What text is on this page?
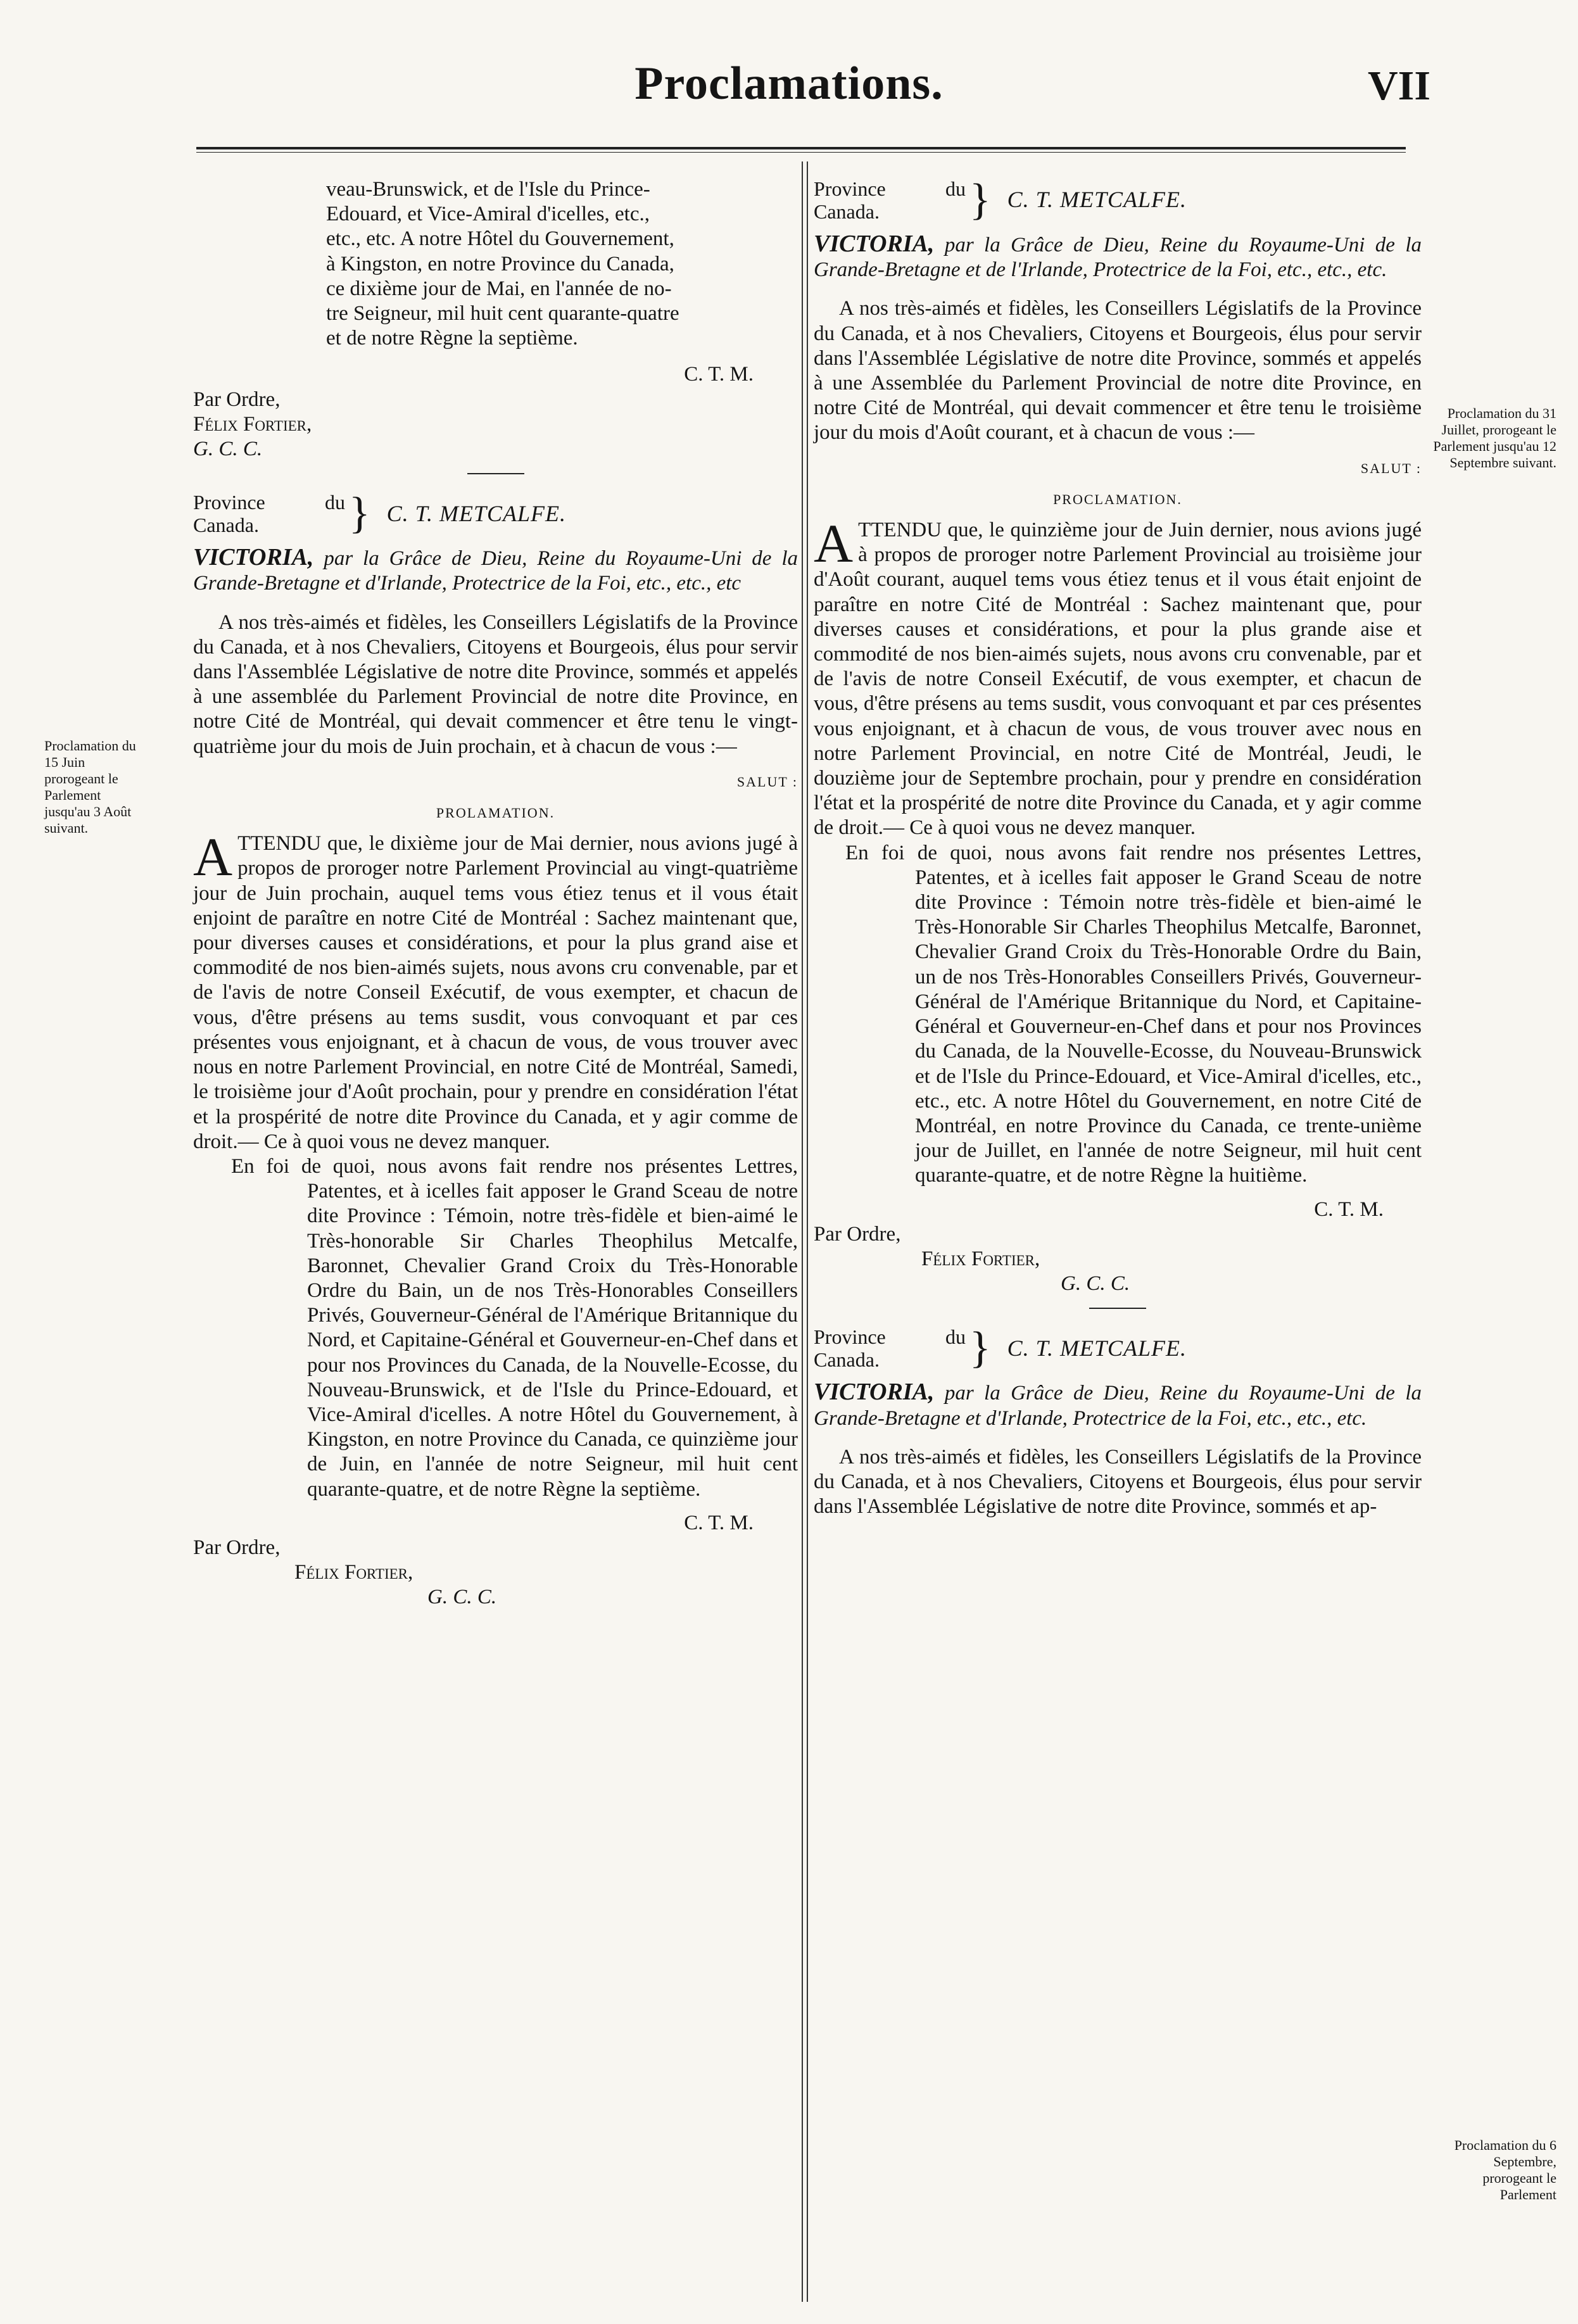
Proclamations.	VII
Proclamation du 15 Juin prorogeant le Parlement jusqu'au 3 Août suivant.
Proclamation du 31 Juillet, prorogeant le Parlement jusqu'au 12 Septembre suivant.
Proclamation du 6 Septembre, prorogeant le Parlement

veau-Brunswick, et de l'Isle du Prince-

Edouard, et Vice-Amiral d'icelles, etc.,

etc., etc. A notre Hôtel du Gouvernement,

à Kingston, en notre Province du Canada,

ce dixième jour de Mai, en l'année de no-

tre Seigneur, mil huit cent quarante-quatre

et de notre Règne la septième.

C. T. M.

Par Ordre,

Félix Fortier,

G. C. C.

Province du Canada.	} C. T. METCALFE.
VICTORIA, par la Grâce de Dieu, Reine du Royaume-Uni de la Grande-Bretagne et d'Irlande, Protectrice de la Foi, etc., etc., etc

A nos très-aimés et fidèles, les Conseillers Législatifs de la Province du Canada, et à nos Chevaliers, Citoyens et Bourgeois, élus pour servir dans l'Assemblée Législative de notre dite Province, sommés et appelés à une assemblée du Parlement Provincial de notre dite Province, en notre Cité de Montréal, qui devait commencer et être tenu le vingt-quatrième jour du mois de Juin prochain, et à chacun de vous :—

SALUT :

PROLAMATION.

ATTENDU que, le dixième jour de Mai dernier, nous avions jugé à propos de proroger notre Parlement Provincial au vingt-quatrième jour de Juin prochain, auquel tems vous étiez tenus et il vous était enjoint de paraître en notre Cité de Montréal : Sachez maintenant que, pour diverses causes et considérations, et pour la plus grand aise et commodité de nos bien-aimés sujets, nous avons cru convenable, par et de l'avis de notre Conseil Exécutif, de vous exempter, et chacun de vous, d'être présens au tems susdit, vous convoquant et par ces présentes vous enjoignant, et à chacun de vous, de vous trouver avec nous en notre Parlement Provincial, en notre Cité de Montréal, Samedi, le troisième jour d'Août prochain, pour y prendre en considération l'état et la prospérité de notre dite Province du Canada, et y agir comme de droit.— Ce à quoi vous ne devez manquer.

En foi de quoi, nous avons fait rendre nos présentes Lettres, Patentes, et à icelles fait apposer le Grand Sceau de notre dite Province : Témoin, notre très-fidèle et bien-aimé le Très-honorable Sir Charles Theophilus Metcalfe, Baronnet, Chevalier Grand Croix du Très-Honorable Ordre du Bain, un de nos Très-Honorables Conseillers Privés, Gouverneur-Général de l'Amérique Britannique du Nord, et Capitaine-Général et Gouverneur-en-Chef dans et pour nos Provinces du Canada, de la Nouvelle-Ecosse, du Nouveau-Brunswick, et de l'Isle du Prince-Edouard, et Vice-Amiral d'icelles. A notre Hôtel du Gouvernement, à Kingston, en notre Province du Canada, ce quinzième jour de Juin, en l'année de notre Seigneur, mil huit cent quarante-quatre, et de notre Règne la septième.

C. T. M.

Par Ordre,

Félix Fortier,

G. C. C.

Province du Canada.	} C. T. METCALFE.
VICTORIA, par la Grâce de Dieu, Reine du Royaume-Uni de la Grande-Bretagne et de l'Irlande, Protectrice de la Foi, etc., etc., etc.

A nos très-aimés et fidèles, les Conseillers Législatifs de la Province du Canada, et à nos Chevaliers, Citoyens et Bourgeois, élus pour servir dans l'Assemblée Législative de notre dite Province, sommés et appelés à une Assemblée du Parlement Provincial de notre dite Province, en notre Cité de Montréal, qui devait commencer et être tenu le troisième jour du mois d'Août courant, et à chacun de vous :—

SALUT :

PROCLAMATION.

ATTENDU que, le quinzième jour de Juin dernier, nous avions jugé à propos de proroger notre Parlement Provincial au troisième jour d'Août courant, auquel tems vous étiez tenus et il vous était enjoint de paraître en notre Cité de Montréal : Sachez maintenant que, pour diverses causes et considérations, et pour la plus grande aise et commodité de nos bien-aimés sujets, nous avons cru convenable, par et de l'avis de notre Conseil Exécutif, de vous exempter, et chacun de vous, d'être présens au tems susdit, vous convoquant et par ces présentes vous enjoignant, et à chacun de vous, de vous trouver avec nous en notre Parlement Provincial, en notre Cité de Montréal, Jeudi, le douzième jour de Septembre prochain, pour y prendre en considération l'état et la prospérité de notre dite Province du Canada, et y agir comme de droit.— Ce à quoi vous ne devez manquer.

En foi de quoi, nous avons fait rendre nos présentes Lettres, Patentes, et à icelles fait apposer le Grand Sceau de notre dite Province : Témoin notre très-fidèle et bien-aimé le Très-Honorable Sir Charles Theophilus Metcalfe, Baronnet, Chevalier Grand Croix du Très-Honorable Ordre du Bain, un de nos Très-Honorables Conseillers Privés, Gouverneur-Général de l'Amérique Britannique du Nord, et Capitaine-Général et Gouverneur-en-Chef dans et pour nos Provinces du Canada, de la Nouvelle-Ecosse, du Nouveau-Brunswick et de l'Isle du Prince-Edouard, et Vice-Amiral d'icelles, etc., etc., etc. A notre Hôtel du Gouvernement, en notre Cité de Montréal, en notre Province du Canada, ce trente-unième jour de Juillet, en l'année de notre Seigneur, mil huit cent quarante-quatre, et de notre Règne la huitième.

C. T. M.

Par Ordre,

Félix Fortier,

G. C. C.

Province du Canada.	} C. T. METCALFE.
VICTORIA, par la Grâce de Dieu, Reine du Royaume-Uni de la Grande-Bretagne et d'Irlande, Protectrice de la Foi, etc., etc., etc.

A nos très-aimés et fidèles, les Conseillers Législatifs de la Province du Canada, et à nos Chevaliers, Citoyens et Bourgeois, élus pour servir dans l'Assemblée Législative de notre dite Province, sommés et ap-
